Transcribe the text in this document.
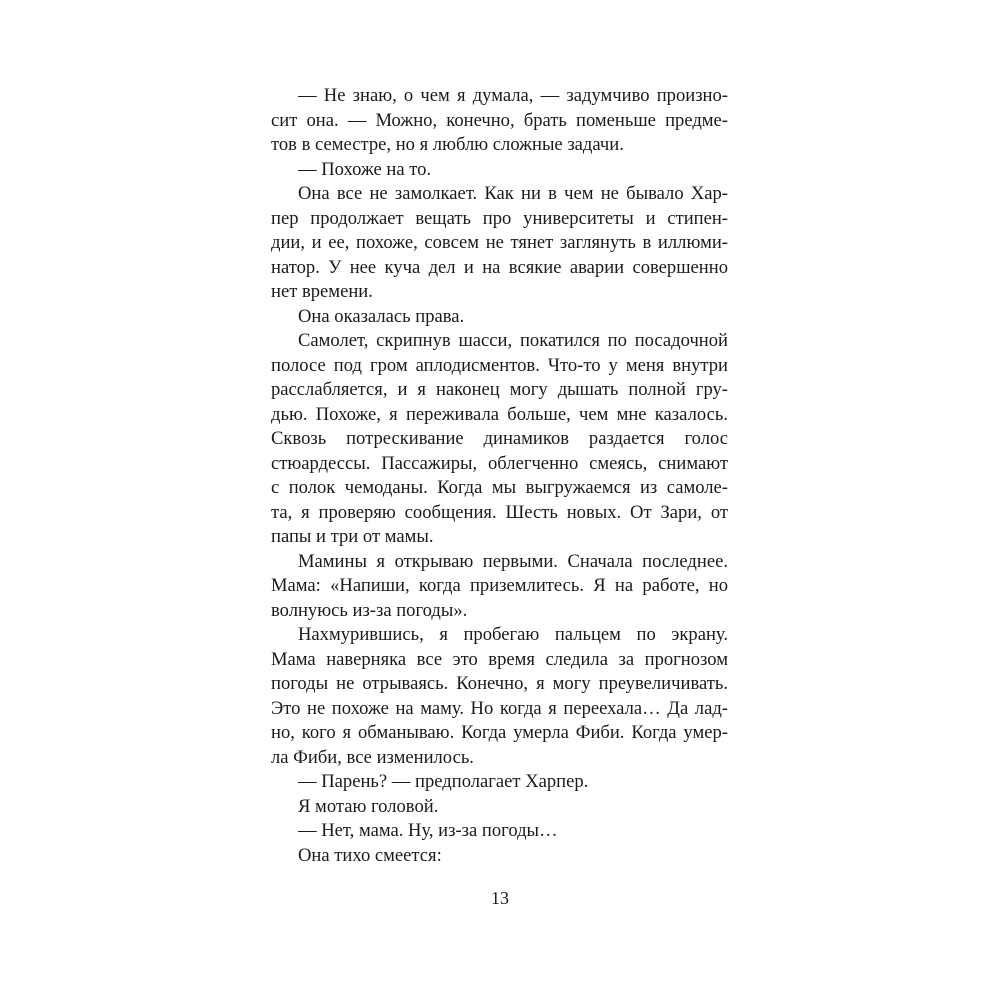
— Не знаю, о чем я думала, — задумчиво произно-
сит она. — Можно, конечно, брать поменьше предме-
тов в семестре, но я люблю сложные задачи.
— Похоже на то.
Она все не замолкает. Как ни в чем не бывало Хар-
пер продолжает вещать про университеты и стипен-
дии, и ее, похоже, совсем не тянет заглянуть в иллюми-
натор. У нее куча дел и на всякие аварии совершенно
нет времени.
Она оказалась права.
Самолет, скрипнув шасси, покатился по посадочной
полосе под гром аплодисментов. Что-то у меня внутри
расслабляется, и я наконец могу дышать полной гру-
дью. Похоже, я переживала больше, чем мне казалось.
Сквозь потрескивание динамиков раздается голос
стюардессы. Пассажиры, облегченно смеясь, снимают
с полок чемоданы. Когда мы выгружаемся из самоле-
та, я проверяю сообщения. Шесть новых. От Зари, от
папы и три от мамы.
Мамины я открываю первыми. Сначала последнее.
Мама: «Напиши, когда приземлитесь. Я на работе, но
волнуюсь из-за погоды».
Нахмурившись, я пробегаю пальцем по экрану.
Мама наверняка все это время следила за прогнозом
погоды не отрываясь. Конечно, я могу преувеличивать.
Это не похоже на маму. Но когда я переехала… Да лад-
но, кого я обманываю. Когда умерла Фиби. Когда умер-
ла Фиби, все изменилось.
— Парень? — предполагает Харпер.
Я мотаю головой.
— Нет, мама. Ну, из-за погоды…
Она тихо смеется:
13
